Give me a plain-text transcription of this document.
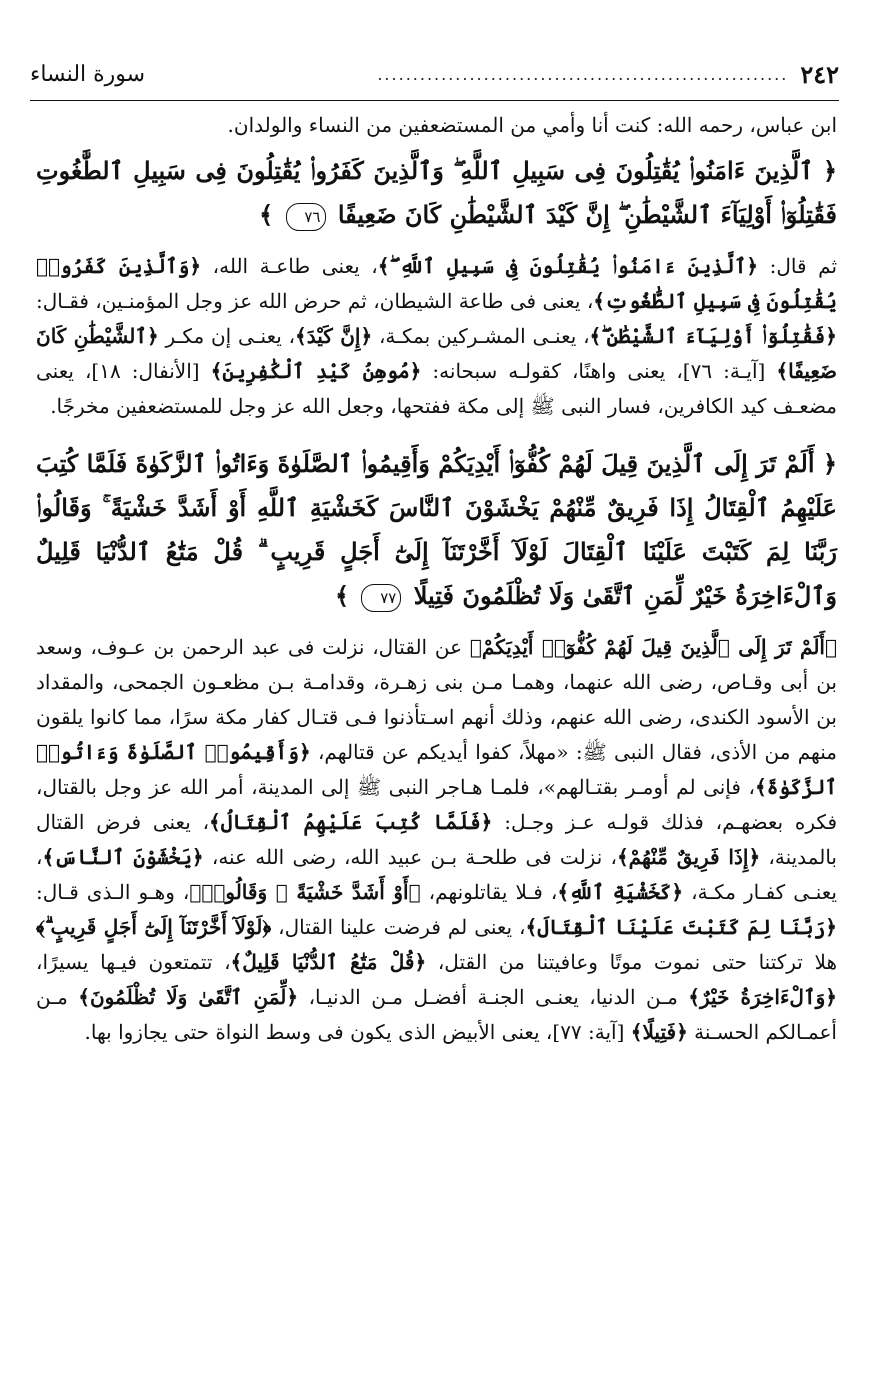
٢٤٢
..........................................................
سورة النساء

ابن عباس، رحمه الله: كنت أنا وأمي من المستضعفين من النساء والولدان.

﴿ ٱلَّذِينَ ءَامَنُوا۟ يُقَٰتِلُونَ فِى سَبِيلِ ٱللَّهِ ۖ وَٱلَّذِينَ كَفَرُوا۟ يُقَٰتِلُونَ فِى سَبِيلِ ٱلطَّٰغُوتِ فَقَٰتِلُوٓا۟ أَوْلِيَآءَ ٱلشَّيْطَٰنِ ۖ إِنَّ كَيْدَ ٱلشَّيْطَٰنِ كَانَ ضَعِيفًا ٧٦ ﴾

ثم قال: ﴿ٱلَّذِينَ ءَامَنُوا۟ يُقَٰتِلُونَ فِى سَبِيلِ ٱللَّهِ ۖ﴾، يعنى طاعـة الله، ﴿وَٱلَّذِينَ كَفَرُوا۟ يُقَٰتِلُونَ فِى سَبِيلِ ٱلطَّٰغُوتِ﴾، يعنى فى طاعة الشيطان، ثم حرض الله عز وجل المؤمنـين، فقـال: ﴿فَقَٰتِلُوٓا۟ أَوْلِيَآءَ ٱلشَّيْطَٰنِ ۖ﴾، يعنـى المشـركين بمكـة، ﴿إِنَّ كَيْدَ﴾، يعنـى إن مكـر ﴿ٱلشَّيْطَٰنِ كَانَ ضَعِيفًا﴾ [آيـة: ٧٦]، يعنى واهنًا، كقولـه سبحانه: ﴿مُوهِنُ كَيْدِ ٱلْكَٰفِرِينَ﴾ [الأنفال: ١٨]، يعنى مضعـف كيد الكافرين، فسار النبى ﷺ إلى مكة ففتحها، وجعل الله عز وجل للمستضعفين مخرجًا.

﴿ أَلَمْ تَرَ إِلَى ٱلَّذِينَ قِيلَ لَهُمْ كُفُّوٓا۟ أَيْدِيَكُمْ وَأَقِيمُوا۟ ٱلصَّلَوٰةَ وَءَاتُوا۟ ٱلزَّكَوٰةَ فَلَمَّا كُتِبَ عَلَيْهِمُ ٱلْقِتَالُ إِذَا فَرِيقٌ مِّنْهُمْ يَخْشَوْنَ ٱلنَّاسَ كَخَشْيَةِ ٱللَّهِ أَوْ أَشَدَّ خَشْيَةً ۚ وَقَالُوا۟ رَبَّنَا لِمَ كَتَبْتَ عَلَيْنَا ٱلْقِتَالَ لَوْلَآ أَخَّرْتَنَآ إِلَىٰٓ أَجَلٍ قَرِيبٍ ۗ قُلْ مَتَٰعُ ٱلدُّنْيَا قَلِيلٌ وَٱلْءَاخِرَةُ خَيْرٌ لِّمَنِ ٱتَّقَىٰ وَلَا تُظْلَمُونَ فَتِيلًا ٧٧ ﴾

﴿أَلَمْ تَرَ إِلَى ٱلَّذِينَ قِيلَ لَهُمْ كُفُّوٓا۟ أَيْدِيَكُمْ﴾ عن القتال، نزلت فى عبد الرحمن بن عـوف، وسعد بن أبى وقـاص، رضى الله عنهما، وهمـا مـن بنى زهـرة، وقدامـة بـن مظعـون الجمحى، والمقداد بن الأسود الكندى، رضى الله عنهم، وذلك أنهم اسـتأذنوا فـى قتـال كفار مكة سرًا، مما كانوا يلقون منهم من الأذى، فقال النبى ﷺ: «مهلاً، كفوا أيديكم عن قتالهم، ﴿وَأَقِيمُوا۟ ٱلصَّلَوٰةَ وَءَاتُوا۟ ٱلزَّكَوٰةَ﴾، فإنى لم أومـر بقتـالهم»، فلمـا هـاجر النبى ﷺ إلى المدينة، أمر الله عز وجل بالقتال، فكره بعضهـم، فذلك قولـه عـز وجـل: ﴿فَلَمَّا كُتِبَ عَلَيْهِمُ ٱلْقِتَالُ﴾، يعنى فرض القتال بالمدينة، ﴿إِذَا فَرِيقٌ مِّنْهُمْ﴾، نزلت فى طلحـة بـن عبيد الله، رضى الله عنه، ﴿يَخْشَوْنَ ٱلنَّاسَ﴾، يعنـى كفـار مكـة، ﴿كَخَشْيَةِ ٱللَّهِ﴾، فـلا يقاتلونهم، ﴿أَوْ أَشَدَّ خَشْيَةً ۚ وَقَالُوا۟﴾، وهـو الـذى قـال: ﴿رَبَّنَا لِمَ كَتَبْتَ عَلَيْنَا ٱلْقِتَالَ﴾، يعنى لم فرضت علينا القتال، ﴿لَوْلَآ أَخَّرْتَنَآ إِلَىٰٓ أَجَلٍ قَرِيبٍ ۗ﴾ هلا تركتنا حتى نموت موتًا وعافيتنا من القتل، ﴿قُلْ مَتَٰعُ ٱلدُّنْيَا قَلِيلٌ﴾، تتمتعون فيـها يسيرًا، ﴿وَٱلْءَاخِرَةُ خَيْرٌ﴾ مـن الدنيا، يعنـى الجنـة أفضـل مـن الدنيـا، ﴿لِّمَنِ ٱتَّقَىٰ وَلَا تُظْلَمُونَ﴾ مـن أعمـالكم الحسـنة ﴿فَتِيلًا﴾ [آية: ٧٧]، يعنى الأبيض الذى يكون فى وسط النواة حتى يجازوا بها.
